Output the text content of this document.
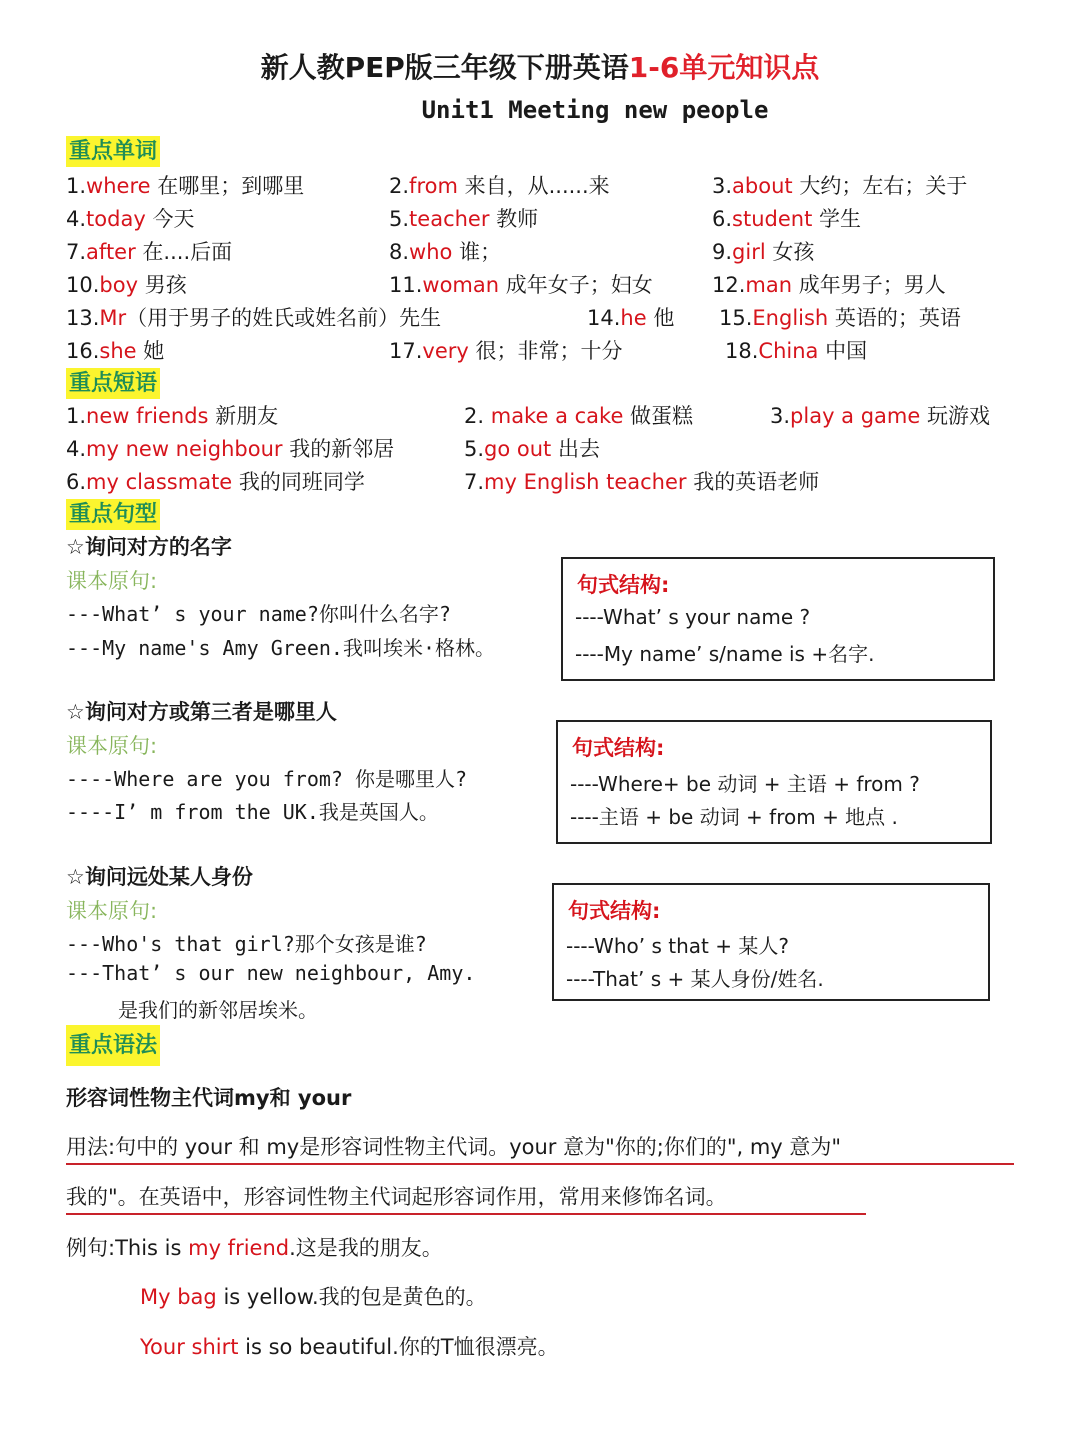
新人教PEP版三年级下册英语1-6单元知识点
Unit1 Meeting new people
重点单词
1.where 在哪里；到哪里	2.from 来自，从......来	3.about 大约；左右；关于
4.today 今天	5.teacher 教师	6.student 学生
7.after 在....后面	8.who 谁；	9.girl 女孩
10.boy 男孩	11.woman 成年女子；妇女	12.man 成年男子；男人
13.Mr（用于男子的姓氏或姓名前）先生	14.he 他 15.English 英语的；英语
16.she 她	17.very 很；非常；十分	18.China 中国
重点短语
1.new friends 新朋友	2. make a cake 做蛋糕	3.play a game 玩游戏
4.my new neighbour 我的新邻居	5.go out 出去
6.my classmate 我的同班同学	7.my English teacher 我的英语老师
重点句型
☆询问对方的名字
课本原句:
---What’ s your name?你叫什么名字?
---My name's Amy Green.我叫埃米·格林。
句式结构:
----What’ s your name ?
----My name’ s/name is +名字.
☆询问对方或第三者是哪里人
课本原句:
----Where are you from? 你是哪里人?
----I’ m from the UK.我是英国人。
句式结构:
----Where+ be 动词 + 主语 + from ?
----主语 + be 动词 + from + 地点 .
☆询问远处某人身份
课本原句:
---Who's that girl?那个女孩是谁?
---That’ s our new neighbour, Amy.
是我们的新邻居埃米。
句式结构:
----Who’ s that + 某人?
----That’ s + 某人身份/姓名.
重点语法
形容词性物主代词my和 your
用法:句中的 your 和 my是形容词性物主代词。your 意为"你的;你们的", my 意为"
我的"。在英语中，形容词性物主代词起形容词作用，常用来修饰名词。
例句:This is my friend.这是我的朋友。
My bag is yellow.我的包是黄色的。
Your shirt is so beautiful.你的T恤很漂亮。
